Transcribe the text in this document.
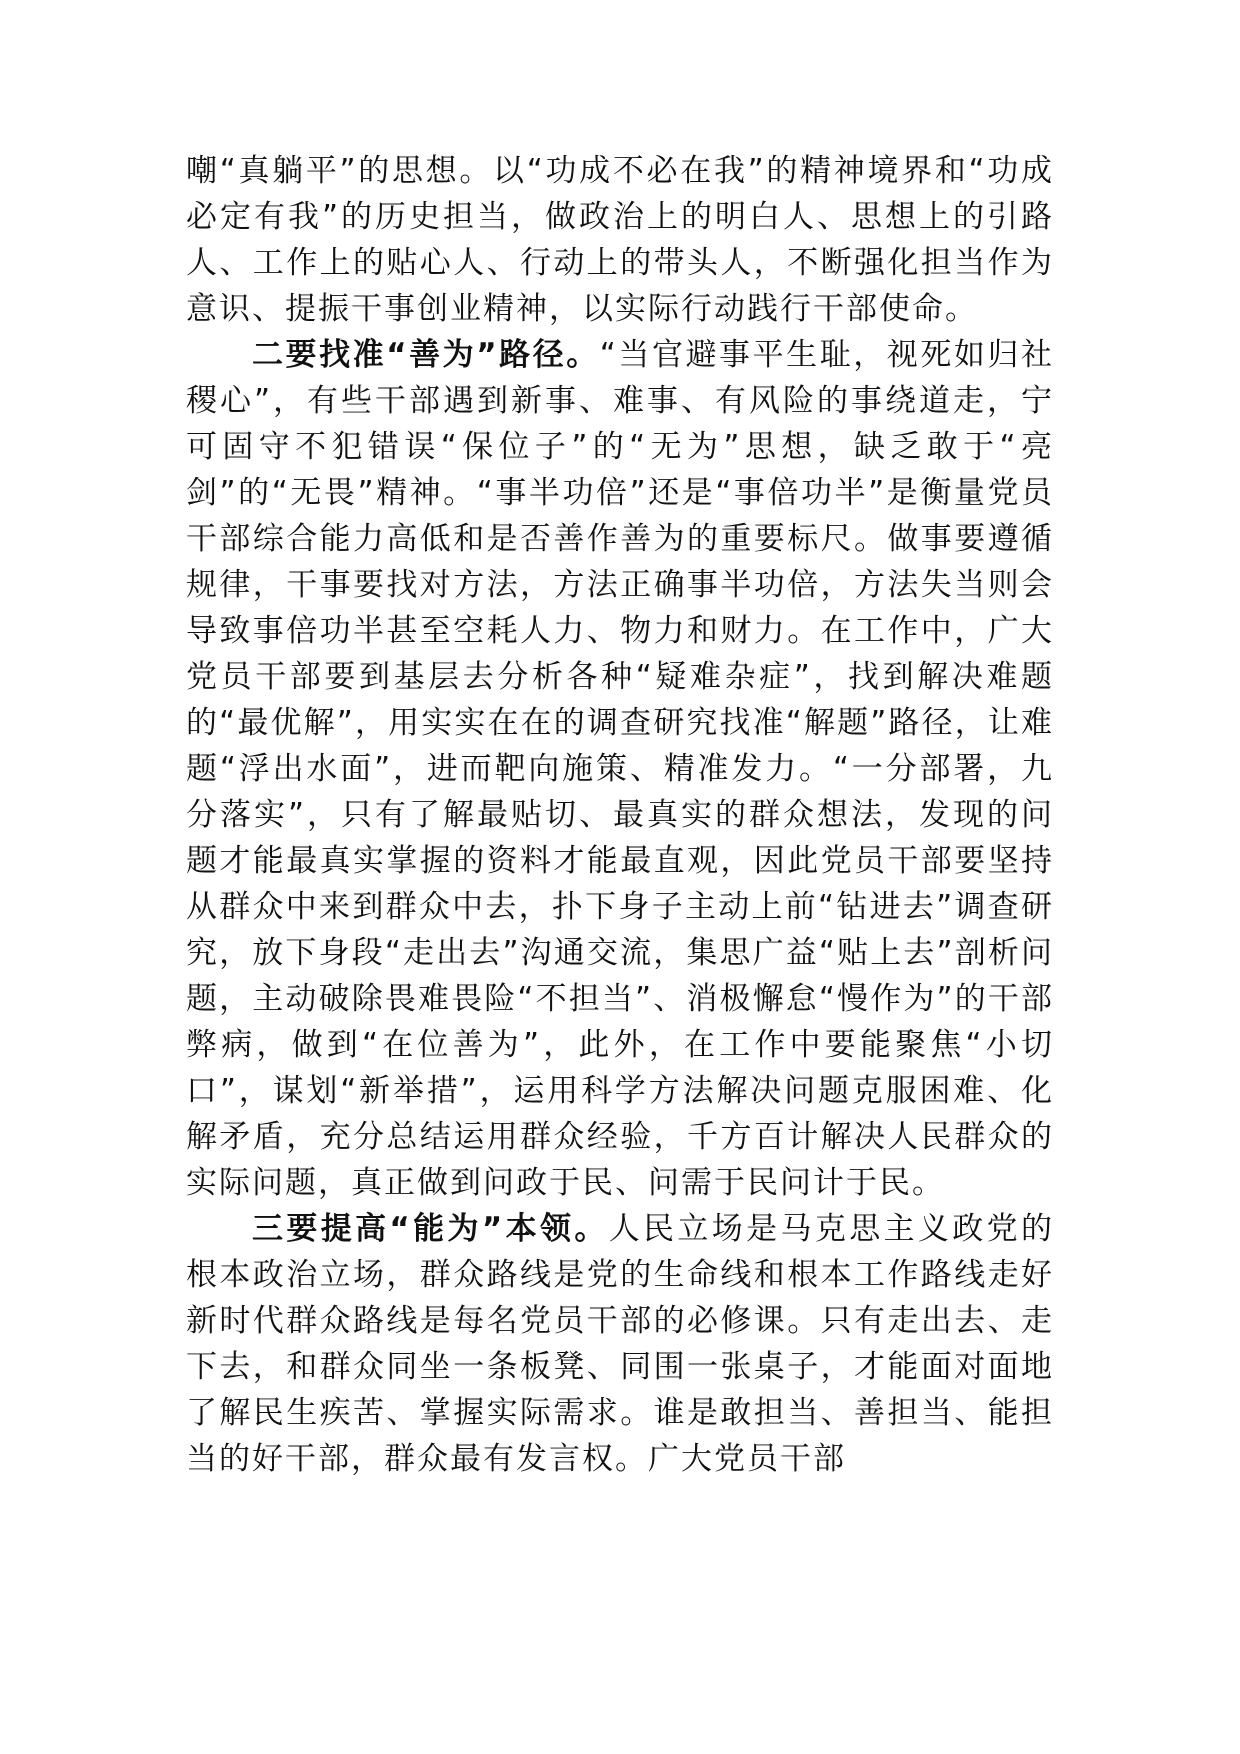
嘲“真躺平”的思想。以“功成不必在我”的精神境界和“功成必定有我”的历史担当，做政治上的明白人、思想上的引路人、工作上的贴心人、行动上的带头人，不断强化担当作为意识、提振干事创业精神，以实际行动践行干部使命。

二要找准“善为”路径。“当官避事平生耻，视死如归社稷心”，有些干部遇到新事、难事、有风险的事绕道走，宁可固守不犯错误“保位子”的“无为”思想，缺乏敢于“亮剑”的“无畏”精神。“事半功倍”还是“事倍功半”是衡量党员干部综合能力高低和是否善作善为的重要标尺。做事要遵循规律，干事要找对方法，方法正确事半功倍，方法失当则会导致事倍功半甚至空耗人力、物力和财力。在工作中，广大党员干部要到基层去分析各种“疑难杂症”，找到解决难题的“最优解”，用实实在在的调查研究找准“解题”路径，让难题“浮出水面”，进而靶向施策、精准发力。“一分部署，九分落实”，只有了解最贴切、最真实的群众想法，发现的问题才能最真实掌握的资料才能最直观，因此党员干部要坚持从群众中来到群众中去，扑下身子主动上前“钻进去”调查研究，放下身段“走出去”沟通交流，集思广益“贴上去”剖析问题，主动破除畏难畏险“不担当”、消极懈怠“慢作为”的干部弊病，做到“在位善为”，此外，在工作中要能聚焦“小切口”，谋划“新举措”，运用科学方法解决问题克服困难、化解矛盾，充分总结运用群众经验，千方百计解决人民群众的实际问题，真正做到问政于民、问需于民问计于民。

三要提高“能为”本领。人民立场是马克思主义政党的根本政治立场，群众路线是党的生命线和根本工作路线走好新时代群众路线是每名党员干部的必修课。只有走出去、走下去，和群众同坐一条板凳、同围一张桌子，才能面对面地了解民生疾苦、掌握实际需求。谁是敢担当、善担当、能担当的好干部，群众最有发言权。广大党员干部
